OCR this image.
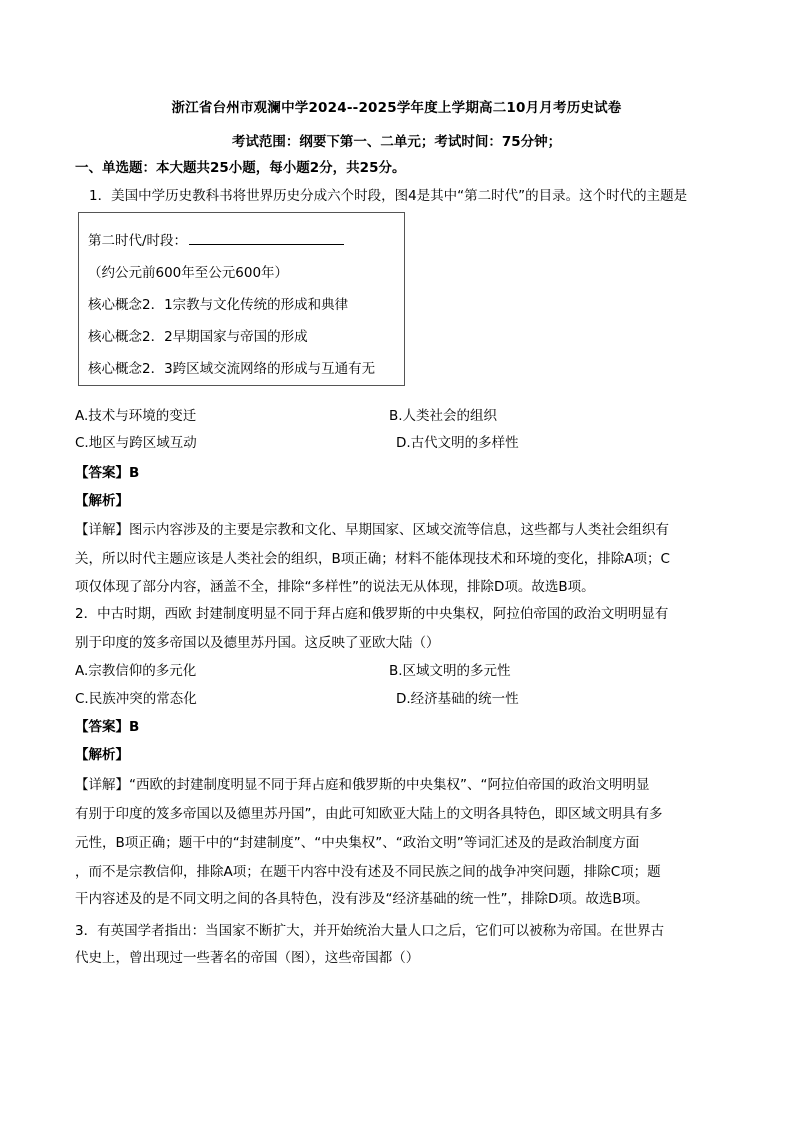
浙江省台州市观澜中学2024--2025学年度上学期高二10月月考历史试卷
考试范围：纲要下第一、二单元；考试时间：75分钟；
一、单选题：本大题共25小题，每小题2分，共25分。
1．美国中学历史教科书将世界历史分成六个时段，图4是其中“第二时代”的目录。这个时代的主题是
第二时代/时段：
（约公元前600年至公元600年）
核心概念2．1宗教与文化传统的形成和典律
核心概念2．2早期国家与帝国的形成
核心概念2．3跨区域交流网络的形成与互通有无
A.技术与环境的变迁	B.人类社会的组织
C.地区与跨区域互动	D.古代文明的多样性
【答案】B
【解析】
【详解】图示内容涉及的主要是宗教和文化、早期国家、区域交流等信息，这些都与人类社会组织有
关，所以时代主题应该是人类社会的组织，B项正确；材料不能体现技术和环境的变化，排除A项；C
项仅体现了部分内容，涵盖不全，排除“多样性”的说法无从体现，排除D项。故选B项。
2．中古时期，西欧 封建制度明显不同于拜占庭和俄罗斯的中央集权，阿拉伯帝国的政治文明明显有
别于印度的笈多帝国以及德里苏丹国。这反映了亚欧大陆（）
A.宗教信仰的多元化	B.区域文明的多元性
C.民族冲突的常态化	D.经济基础的统一性
【答案】B
【解析】
【详解】“西欧的封建制度明显不同于拜占庭和俄罗斯的中央集权”、“阿拉伯帝国的政治文明明显
有别于印度的笈多帝国以及德里苏丹国”，由此可知欧亚大陆上的文明各具特色，即区域文明具有多
元性，B项正确；题干中的“封建制度”、“中央集权”、“政治文明”等词汇述及的是政治制度方面
，而不是宗教信仰，排除A项；在题干内容中没有述及不同民族之间的战争冲突问题，排除C项；题
干内容述及的是不同文明之间的各具特色，没有涉及“经济基础的统一性”，排除D项。故选B项。
3．有英国学者指出：当国家不断扩大，并开始统治大量人口之后，它们可以被称为帝国。在世界古
代史上，曾出现过一些著名的帝国（图），这些帝国都（）
